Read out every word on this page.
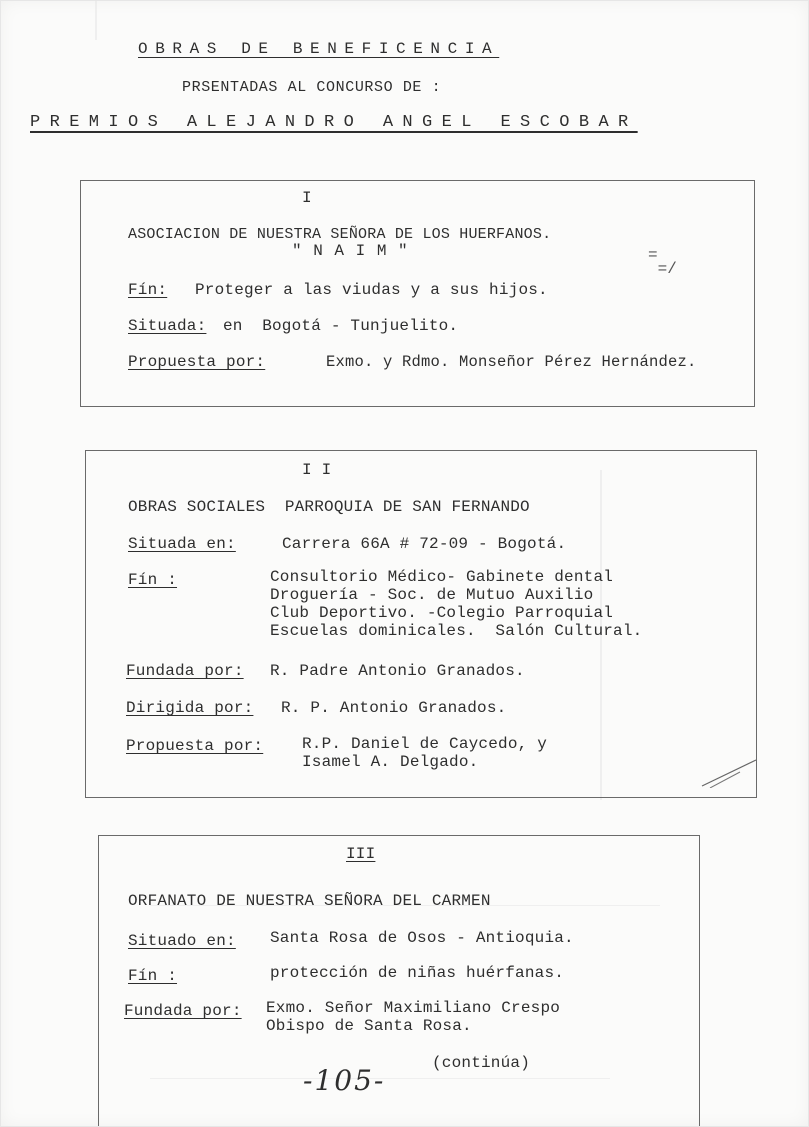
OBRAS DE BENEFICENCIA
PRSENTADAS AL CONCURSO DE :
PREMIOS ALEJANDRO ANGEL ESCOBAR
I
ASOCIACION DE NUESTRA SEÑORA DE LOS HUERFANOS.
" N A I M "
Fín: Proteger a las viudas y a sus hijos.
Situada: en  Bogotá - Tunjuelito.
Propuesta por:	Exmo. y Rdmo. Monseñor Pérez Hernández.
=
=/
I I
OBRAS SOCIALES  PARROQUIA DE SAN FERNANDO
Situada en:	Carrera 66A # 72-09 - Bogotá.
Fín :	Consultorio Médico- Gabinete dental
Droguería - Soc. de Mutuo Auxilio
Club Deportivo. -Colegio Parroquial
Escuelas dominicales.  Salón Cultural.
Fundada por: R. Padre Antonio Granados.
Dirigida por: R. P. Antonio Granados.
Propuesta por: R.P. Daniel de Caycedo, y
Isamel A. Delgado.
III
ORFANATO DE NUESTRA SEÑORA DEL CARMEN
Situado en: Santa Rosa de Osos - Antioquia.
Fín :	protección de niñas huérfanas.
Fundada por: Exmo. Señor Maximiliano Crespo
Obispo de Santa Rosa.
(continúa)
-105-
